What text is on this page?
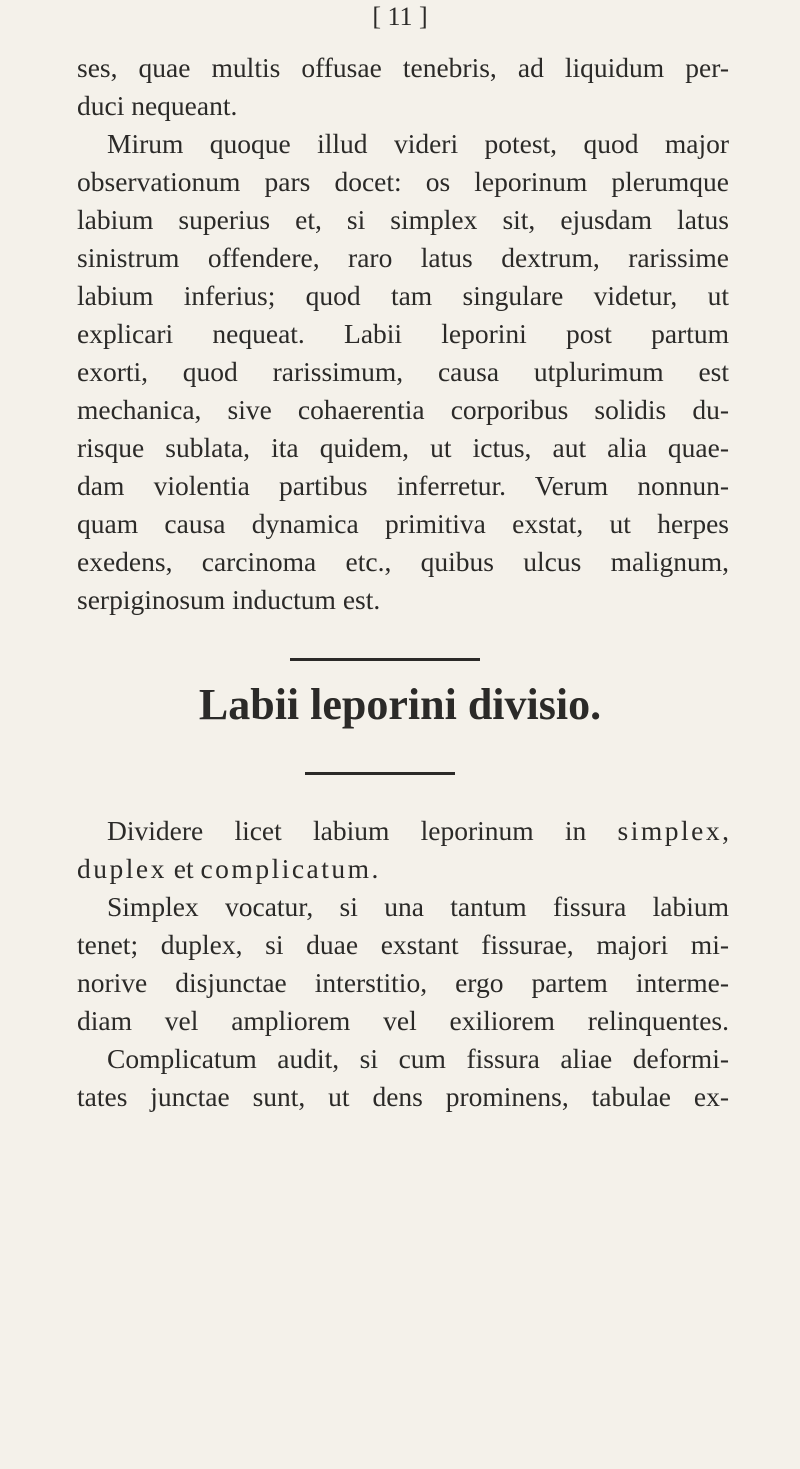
[ 11 ]
ses, quae multis offusae tenebris, ad liquidum per-
duci nequeant.
Mirum quoque illud videri potest, quod major
observationum pars docet: os leporinum plerumque
labium superius et, si simplex sit, ejusdam latus
sinistrum offendere, raro latus dextrum, rarissime
labium inferius; quod tam singulare videtur, ut
explicari nequeat. Labii leporini post partum
exorti, quod rarissimum, causa utplurimum est
mechanica, sive cohaerentia corporibus solidis du-
risque sublata, ita quidem, ut ictus, aut alia quae-
dam violentia partibus inferretur. Verum nonnun-
quam causa dynamica primitiva exstat, ut herpes
exedens, carcinoma etc., quibus ulcus malignum,
serpiginosum inductum est.
Labii leporini divisio.
Dividere licet labium leporinum in simplex,
duplex et complicatum.
Simplex vocatur, si una tantum fissura labium
tenet; duplex, si duae exstant fissurae, majori mi-
norive disjunctae interstitio, ergo partem interme-
diam vel ampliorem vel exiliorem relinquentes.
Complicatum audit, si cum fissura aliae deformi-
tates junctae sunt, ut dens prominens, tabulae ex-
